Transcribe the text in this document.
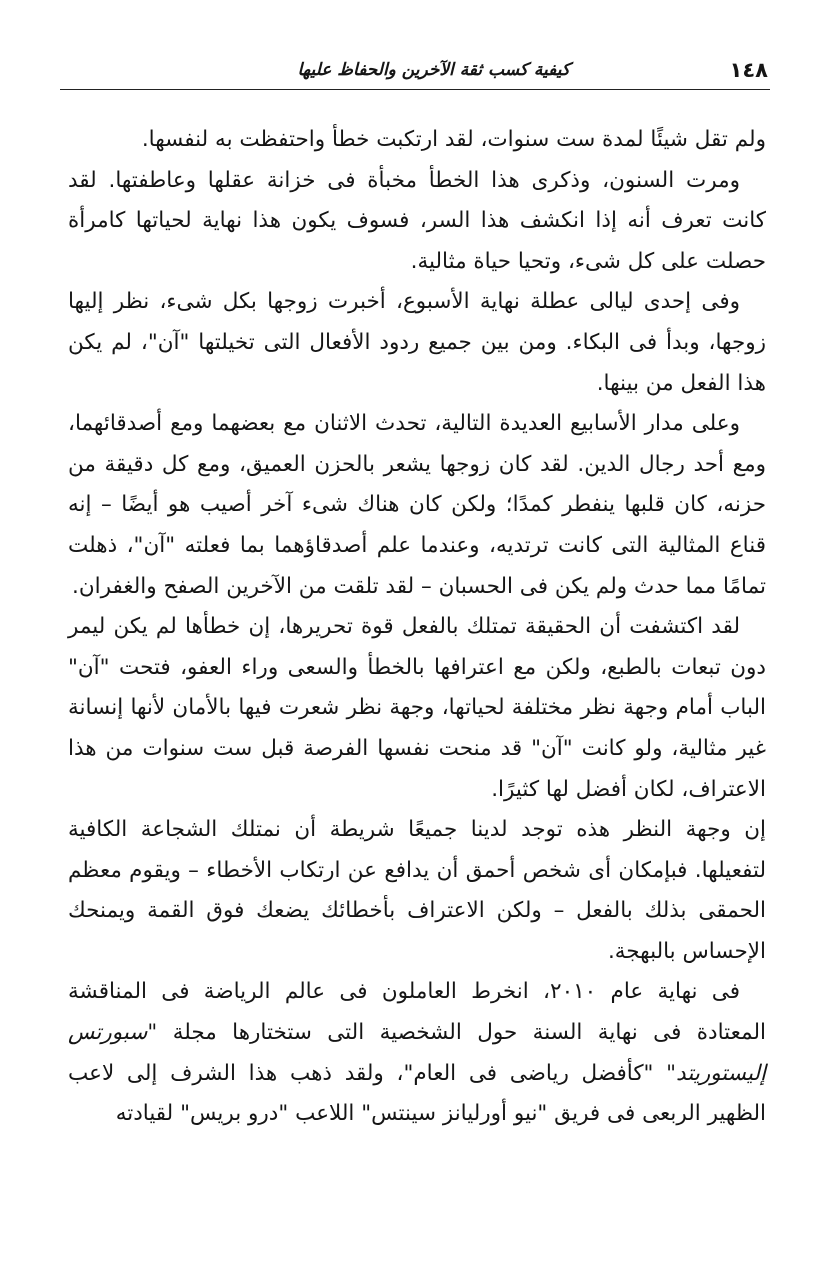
١٤٨
كيفية كسب ثقة الآخرين والحفاظ عليها

ولم تقل شيئًا لمدة ست سنوات، لقد ارتكبت خطأ واحتفظت به لنفسها.

ومرت السنون، وذكرى هذا الخطأ مخبأة فى خزانة عقلها وعاطفتها. لقد كانت تعرف أنه إذا انكشف هذا السر، فسوف يكون هذا نهاية لحياتها كامرأة حصلت على كل شىء، وتحيا حياة مثالية.

وفى إحدى ليالى عطلة نهاية الأسبوع، أخبرت زوجها بكل شىء، نظر إليها زوجها، وبدأ فى البكاء. ومن بين جميع ردود الأفعال التى تخيلتها "آن"، لم يكن هذا الفعل من بينها.

وعلى مدار الأسابيع العديدة التالية، تحدث الاثنان مع بعضهما ومع أصدقائهما، ومع أحد رجال الدين. لقد كان زوجها يشعر بالحزن العميق، ومع كل دقيقة من حزنه، كان قلبها ينفطر كمدًا؛ ولكن كان هناك شىء آخر أصيب هو أيضًا – إنه قناع المثالية التى كانت ترتديه، وعندما علم أصدقاؤهما بما فعلته "آن"، ذهلت تمامًا مما حدث ولم يكن فى الحسبان – لقد تلقت من الآخرين الصفح والغفران.

لقد اكتشفت أن الحقيقة تمتلك بالفعل قوة تحريرها، إن خطأها لم يكن ليمر دون تبعات بالطبع، ولكن مع اعترافها بالخطأ والسعى وراء العفو، فتحت "آن" الباب أمام وجهة نظر مختلفة لحياتها، وجهة نظر شعرت فيها بالأمان لأنها إنسانة غير مثالية، ولو كانت "آن" قد منحت نفسها الفرصة قبل ست سنوات من هذا الاعتراف، لكان أفضل لها كثيرًا.

إن وجهة النظر هذه توجد لدينا جميعًا شريطة أن نمتلك الشجاعة الكافية لتفعيلها. فبإمكان أى شخص أحمق أن يدافع عن ارتكاب الأخطاء – ويقوم معظم الحمقى بذلك بالفعل – ولكن الاعتراف بأخطائك يضعك فوق القمة ويمنحك الإحساس بالبهجة.

فى نهاية عام ٢٠١٠، انخرط العاملون فى عالم الرياضة فى المناقشة المعتادة فى نهاية السنة حول الشخصية التى ستختارها مجلة "سبورتس إليستوريتد" "كأفضل رياضى فى العام"، ولقد ذهب هذا الشرف إلى لاعب الظهير الربعى فى فريق "نيو أورليانز سينتس" اللاعب "درو بريس" لقيادته
